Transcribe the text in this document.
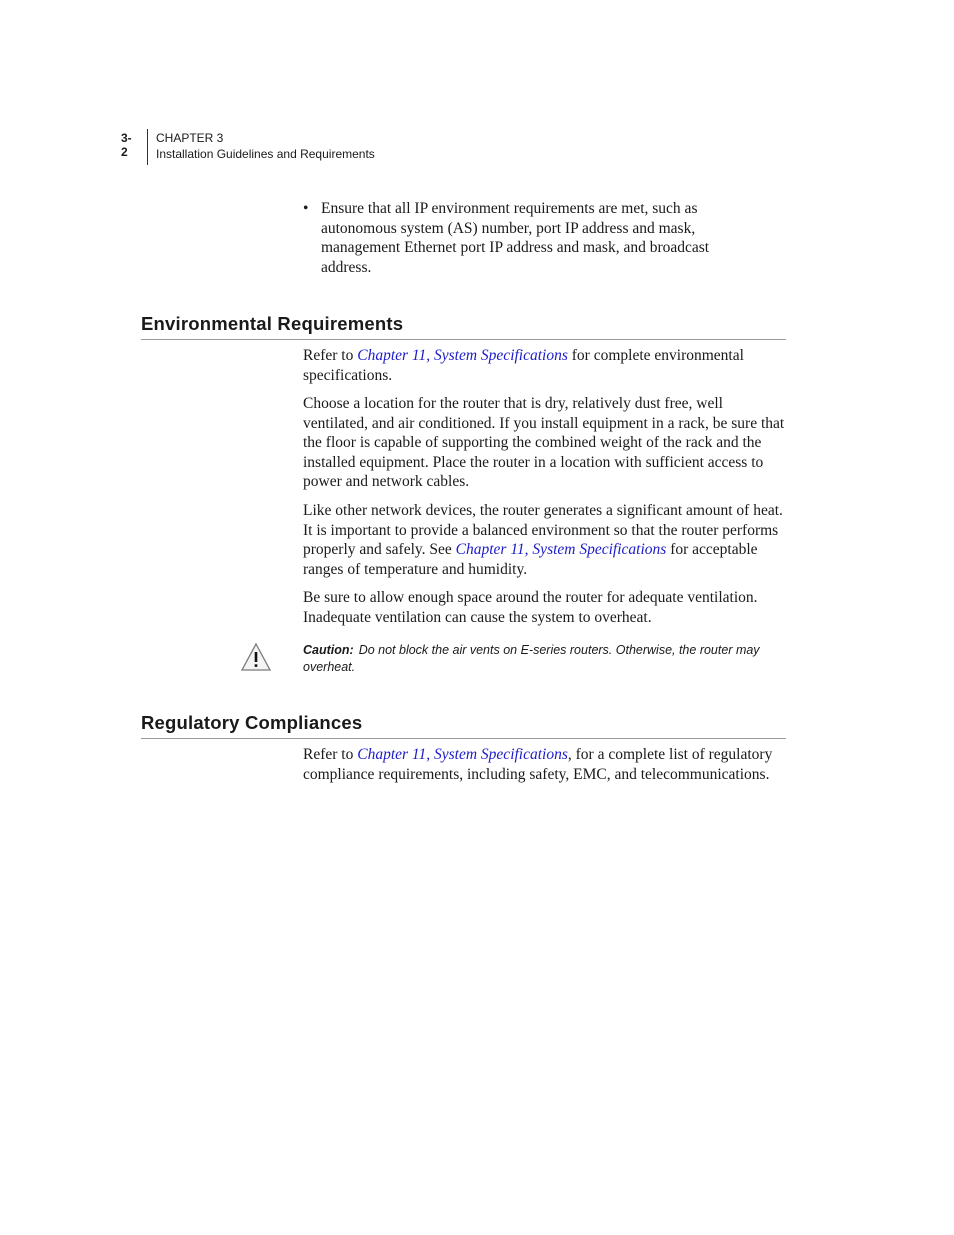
3-2
CHAPTER 3
Installation Guidelines and Requirements
• Ensure that all IP environment requirements are met, such as autonomous system (AS) number, port IP address and mask, management Ethernet port IP address and mask, and broadcast address.
Environmental Requirements

Refer to Chapter 11, System Specifications for complete environmental specifications.

Choose a location for the router that is dry, relatively dust free, well ventilated, and air conditioned. If you install equipment in a rack, be sure that the floor is capable of supporting the combined weight of the rack and the installed equipment. Place the router in a location with sufficient access to power and network cables.

Like other network devices, the router generates a significant amount of heat. It is important to provide a balanced environment so that the router performs properly and safely. See Chapter 11, System Specifications for acceptable ranges of temperature and humidity.

Be sure to allow enough space around the router for adequate ventilation. Inadequate ventilation can cause the system to overheat.

Caution: Do not block the air vents on E-series routers. Otherwise, the router may overheat.
Regulatory Compliances

Refer to Chapter 11, System Specifications, for a complete list of regulatory compliance requirements, including safety, EMC, and telecommunications.
